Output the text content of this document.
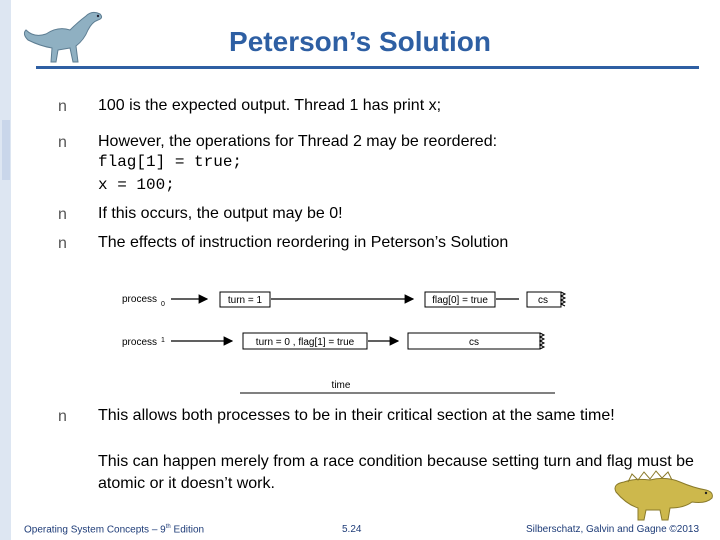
Peterson’s Solution
n 100 is the expected output. Thread 1 has print x;
n However, the operations for Thread 2 may be reordered:
flag[1] = true;
x = 100;
n If this occurs, the output may be 0!
n The effects of instruction reordering in Peterson’s Solution
process 0	turn = 1	flag[0] = true	cs
process 1	turn = 0 , flag[1] = true	cs
time
n This allows both processes to be in their critical section at the same time!
This can happen merely from a race condition because setting turn and flag must be atomic or it doesn’t work.
Operating System Concepts – 9th Edition	5.24	Silberschatz, Galvin and Gagne ©2013
